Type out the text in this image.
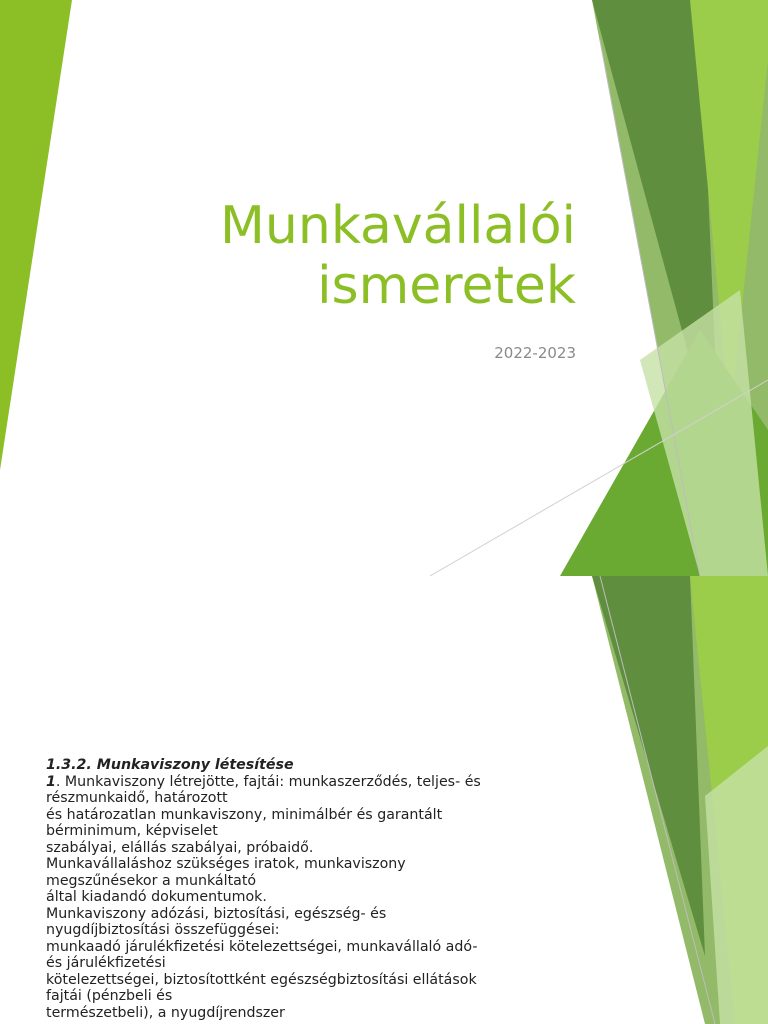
Munkavállalói
ismeretek
2022-2023
1.3.2. Munkaviszony létesítése
1. Munkaviszony létrejötte, fajtái: munkaszerződés, teljes- és
részmunkaidő, határozott
és határozatlan munkaviszony, minimálbér és garantált
bérminimum, képviselet
szabályai, elállás szabályai, próbaidő.
Munkavállaláshoz szükséges iratok, munkaviszony
megszűnésekor a munkáltató
által kiadandó dokumentumok.
Munkaviszony adózási, biztosítási, egészség- és
nyugdíjbiztosítási összefüggései:
munkaadó járulékfizetési kötelezettségei, munkavállaló adó-
és járulékfizetési
kötelezettségei, biztosítottként egészségbiztosítási ellátások
fajtái (pénzbeli és
természetbeli), a nyugdíjrendszer
